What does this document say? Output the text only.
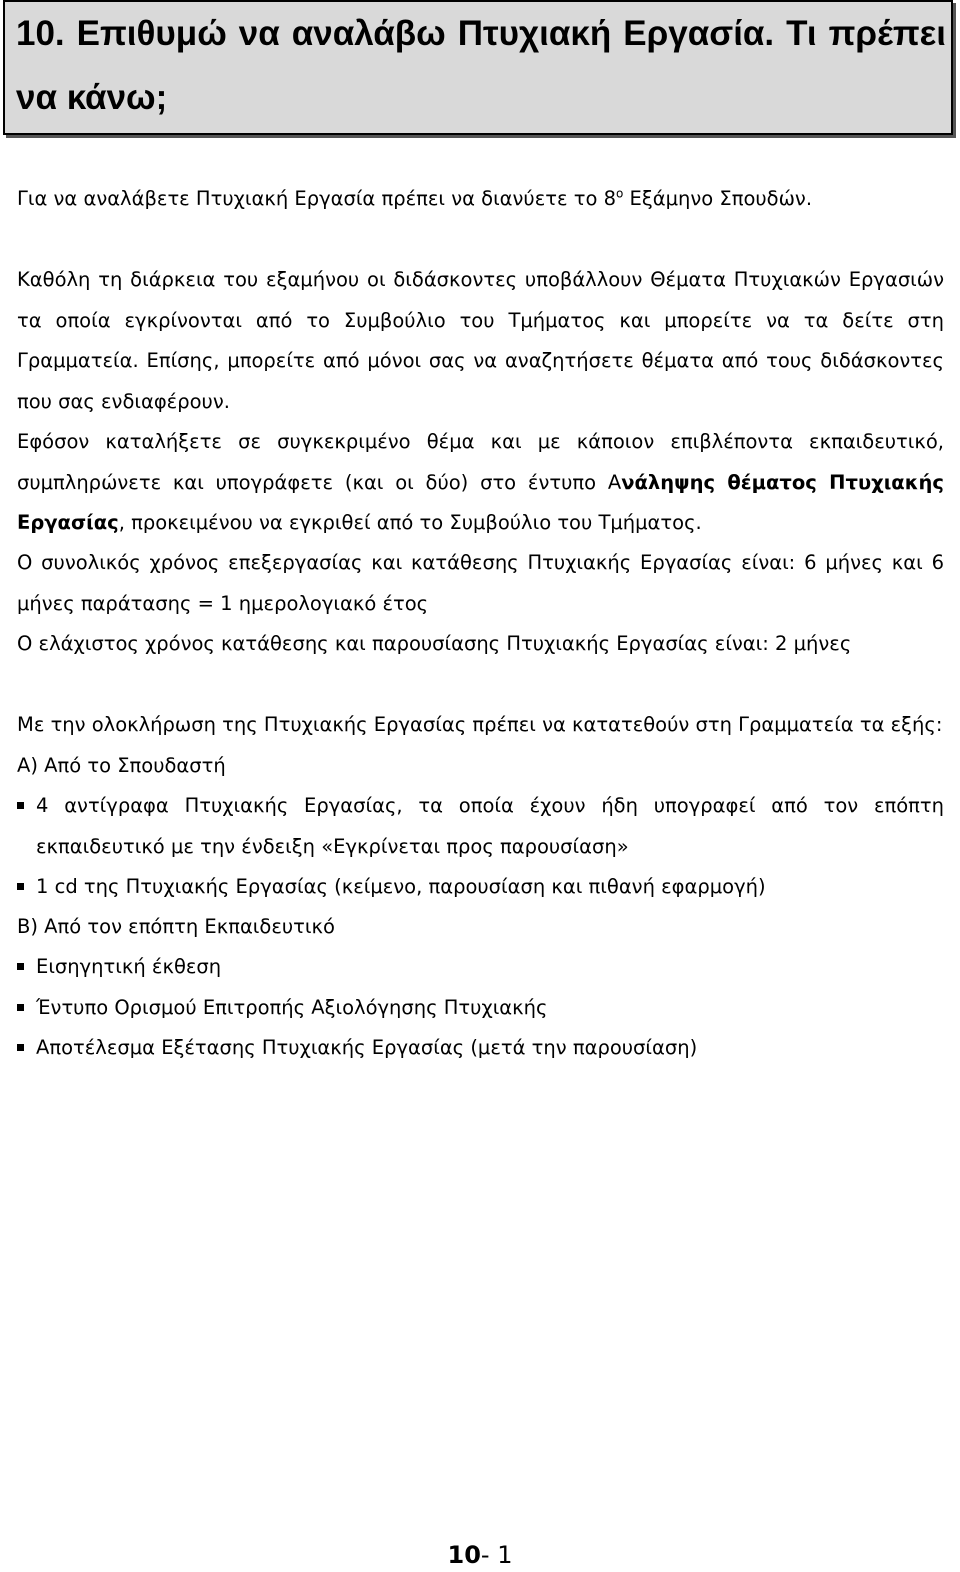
10. Επιθυμώ να αναλάβω Πτυχιακή Εργασία. Τι πρέπει να κάνω;

Για να αναλάβετε Πτυχιακή Εργασία πρέπει να διανύετε το $8^o$ Εξάμηνο Σπουδών.

Καθόλη τη διάρκεια του εξαμήνου οι διδάσκοντες υποβάλλουν Θέματα Πτυχιακών Εργασιών τα οποία εγκρίνονται από το Συμβούλιο του Τμήματος και μπορείτε να τα δείτε στη Γραμματεία. Επίσης, μπορείτε από μόνοι σας να αναζητήσετε θέματα από τους διδάσκοντες που σας ενδιαφέρουν.

Εφόσον καταλήξετε σε συγκεκριμένο θέμα και με κάποιον επιβλέποντα εκπαιδευτικό, συμπληρώνετε και υπογράφετε (και οι δύο) στο έντυπο Ανάληψης θέματος Πτυχιακής Εργασίας, προκειμένου να εγκριθεί από το Συμβούλιο του Τμήματος.

Ο συνολικός χρόνος επεξεργασίας και κατάθεσης Πτυχιακής Εργασίας είναι: 6 μήνες και 6 μήνες παράτασης = 1 ημερολογιακό έτος

Ο ελάχιστος χρόνος κατάθεσης και παρουσίασης Πτυχιακής Εργασίας είναι: 2 μήνες

Με την ολοκλήρωση της Πτυχιακής Εργασίας πρέπει να κατατεθούν στη Γραμματεία τα εξής:

Α) Από το Σπουδαστή

4 αντίγραφα Πτυχιακής Εργασίας, τα οποία έχουν ήδη υπογραφεί από τον επόπτη εκπαιδευτικό με την ένδειξη «Εγκρίνεται προς παρουσίαση»
1 cd της Πτυχιακής Εργασίας (κείμενο, παρουσίαση και πιθανή εφαρμογή)

Β) Από τον επόπτη Εκπαιδευτικό

Εισηγητική έκθεση
Έντυπο Ορισμού Επιτροπής Αξιολόγησης Πτυχιακής
Αποτέλεσμα Εξέτασης Πτυχιακής Εργασίας (μετά την παρουσίαση)
10- 1
